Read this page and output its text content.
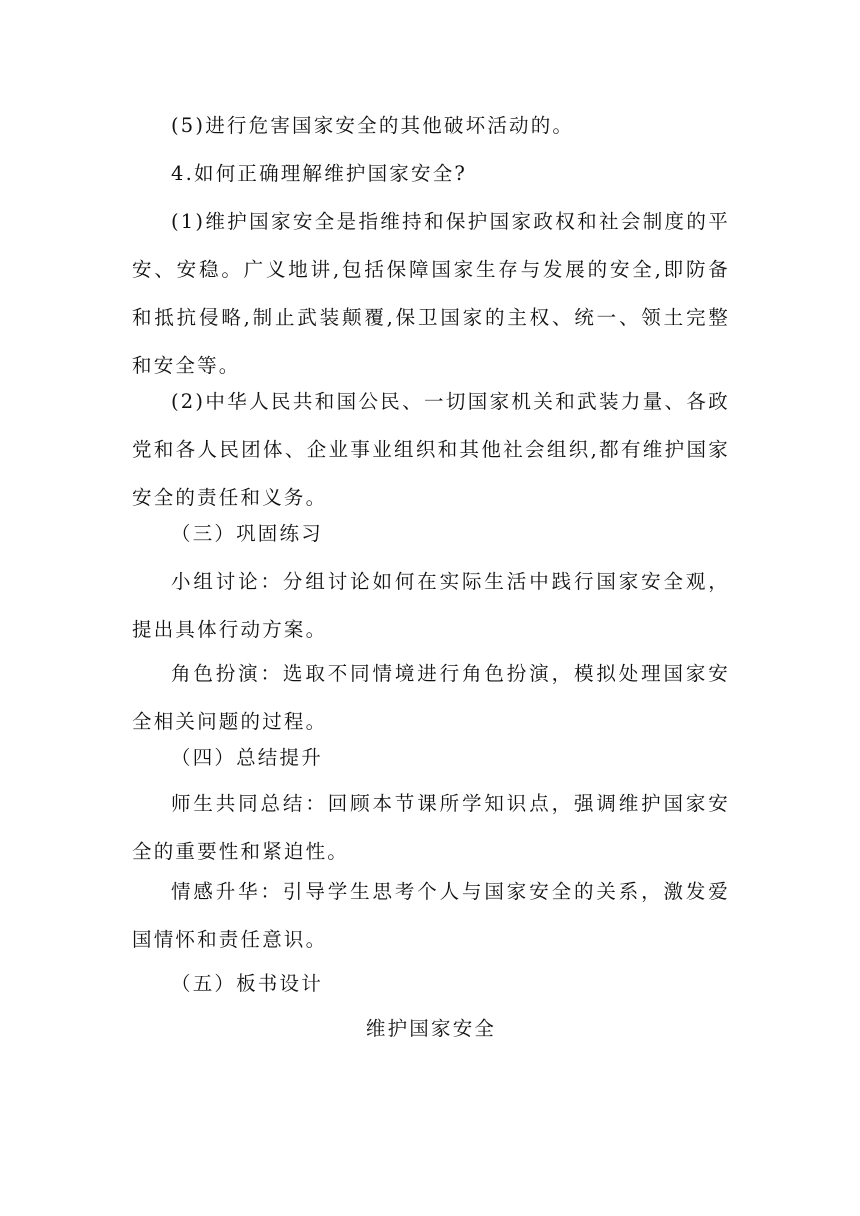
(5)进行危害国家安全的其他破坏活动的。

4.如何正确理解维护国家安全?

(1)维护国家安全是指维持和保护国家政权和社会制度的平安、安稳。广义地讲,包括保障国家生存与发展的安全,即防备和抵抗侵略,制止武装颠覆,保卫国家的主权、统一、领土完整和安全等。

(2)中华人民共和国公民、一切国家机关和武装力量、各政党和各人民团体、企业事业组织和其他社会组织,都有维护国家安全的责任和义务。

（三）巩固练习

小组讨论：分组讨论如何在实际生活中践行国家安全观，提出具体行动方案。

角色扮演：选取不同情境进行角色扮演，模拟处理国家安全相关问题的过程。

（四）总结提升

师生共同总结：回顾本节课所学知识点，强调维护国家安全的重要性和紧迫性。

情感升华：引导学生思考个人与国家安全的关系，激发爱国情怀和责任意识。

（五）板书设计

维护国家安全
